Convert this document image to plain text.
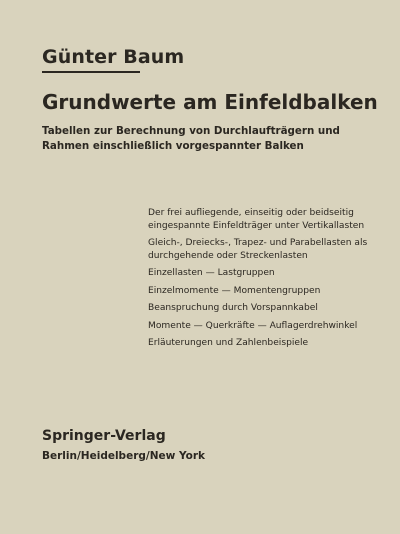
Günter Baum
Grundwerte am Einfeldbalken
Tabellen zur Berechnung von Durchlaufträgern und Rahmen einschließlich vorgespannter Balken
Der frei aufliegende, einseitig oder beidseitig eingespannte Einfeldträger unter Vertikallasten
Gleich-, Dreiecks-, Trapez- und Parabellasten als durchgehende oder Streckenlasten
Einzellasten — Lastgruppen
Einzelmomente — Momentengruppen
Beanspruchung durch Vorspannkabel
Momente — Querkräfte — Auflagerdrehwinkel
Erläuterungen und Zahlenbeispiele
Springer-Verlag
Berlin/Heidelberg/New York
